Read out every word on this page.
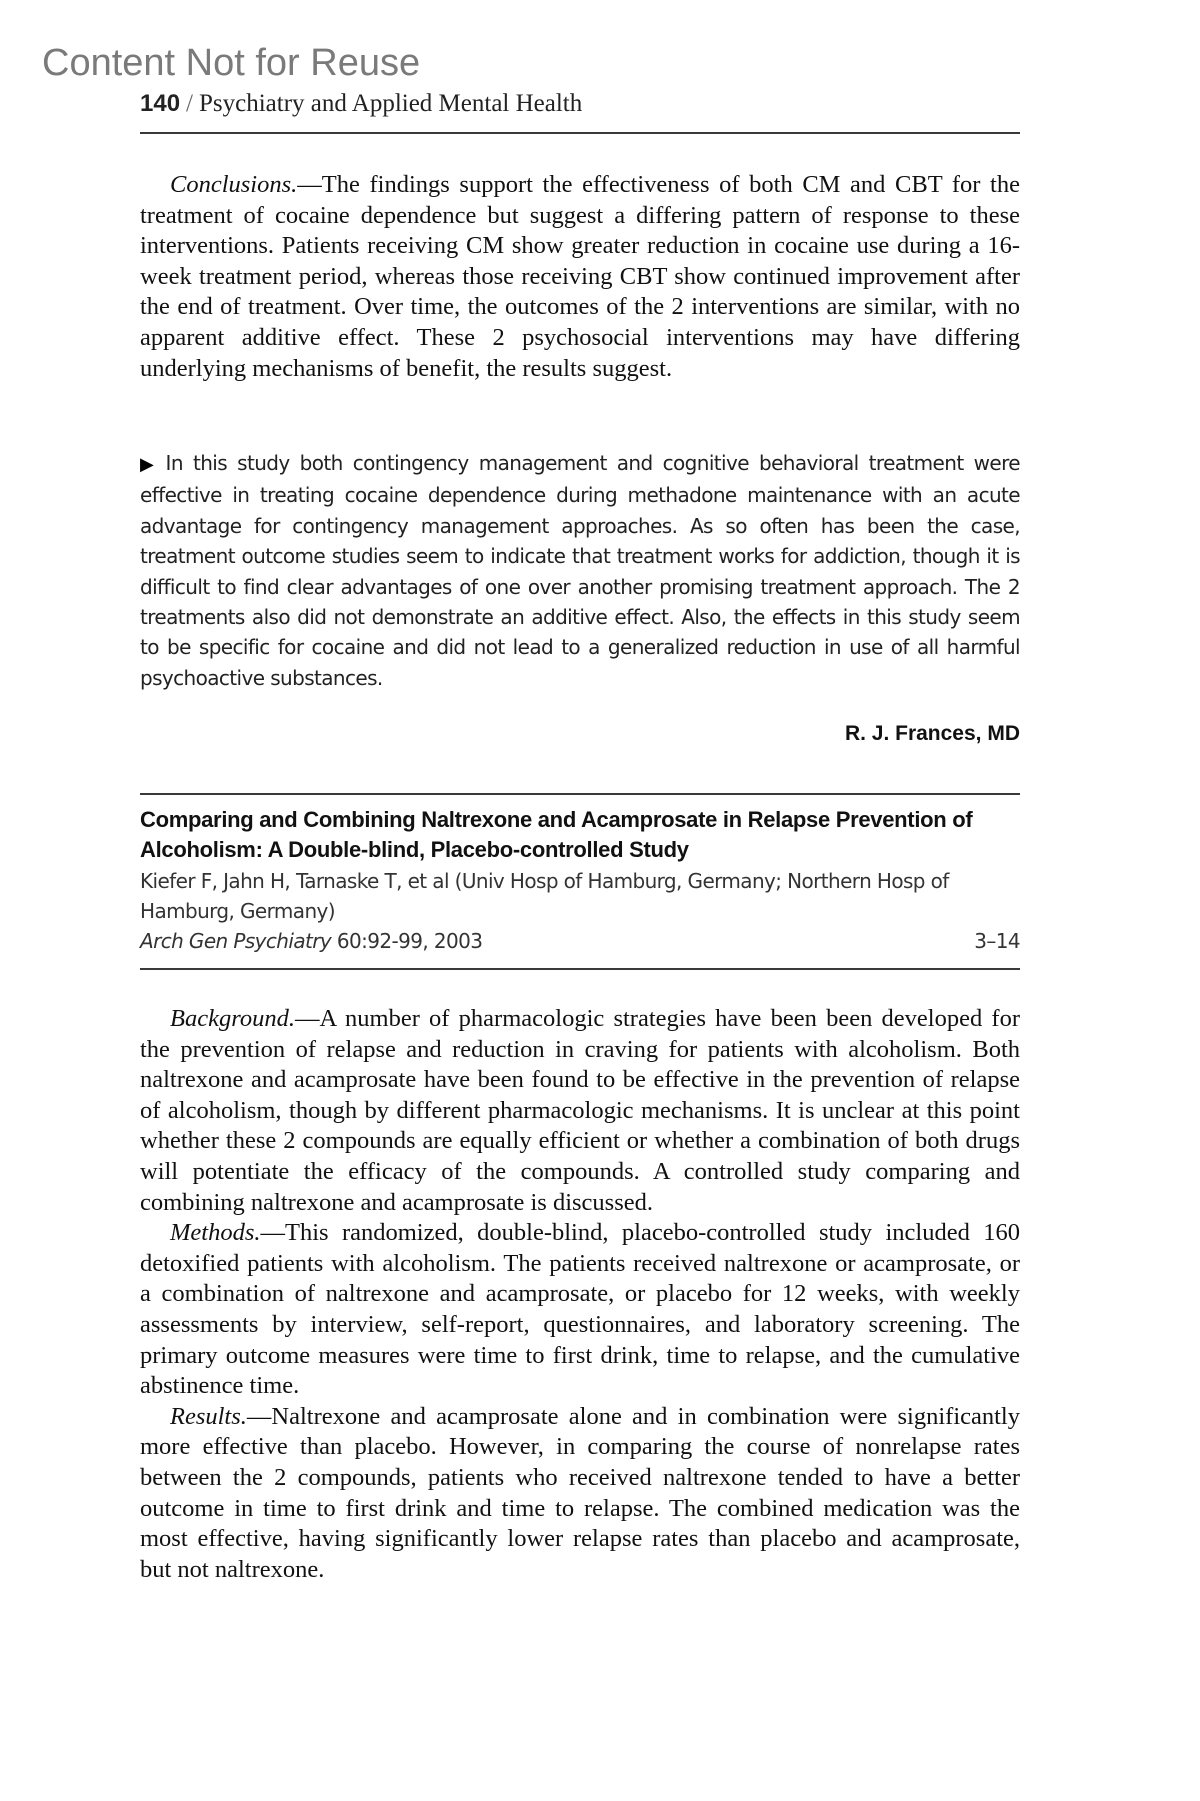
Content Not for Reuse
140 / Psychiatry and Applied Mental Health

Conclusions.—The findings support the effectiveness of both CM and CBT for the treatment of cocaine dependence but suggest a differing pattern of response to these interventions. Patients receiving CM show greater reduction in cocaine use during a 16-week treatment period, whereas those receiving CBT show continued improvement after the end of treatment. Over time, the outcomes of the 2 interventions are similar, with no apparent additive effect. These 2 psychosocial interventions may have differing underlying mechanisms of benefit, the results suggest.

▶ In this study both contingency management and cognitive behavioral treatment were effective in treating cocaine dependence during methadone maintenance with an acute advantage for contingency management approaches. As so often has been the case, treatment outcome studies seem to indicate that treatment works for addiction, though it is difficult to find clear advantages of one over another promising treatment approach. The 2 treatments also did not demonstrate an additive effect. Also, the effects in this study seem to be specific for cocaine and did not lead to a generalized reduction in use of all harmful psychoactive substances.
R. J. Frances, MD
Comparing and Combining Naltrexone and Acamprosate in Relapse Prevention of Alcoholism: A Double-blind, Placebo-controlled Study
Kiefer F, Jahn H, Tarnaske T, et al (Univ Hosp of Hamburg, Germany; Northern Hosp of Hamburg, Germany)
Arch Gen Psychiatry 60:92-99, 2003	3–14

Background.—A number of pharmacologic strategies have been been developed for the prevention of relapse and reduction in craving for patients with alcoholism. Both naltrexone and acamprosate have been found to be effective in the prevention of relapse of alcoholism, though by different pharmacologic mechanisms. It is unclear at this point whether these 2 compounds are equally efficient or whether a combination of both drugs will potentiate the efficacy of the compounds. A controlled study comparing and combining naltrexone and acamprosate is discussed.

Methods.—This randomized, double-blind, placebo-controlled study included 160 detoxified patients with alcoholism. The patients received naltrexone or acamprosate, or a combination of naltrexone and acamprosate, or placebo for 12 weeks, with weekly assessments by interview, self-report, questionnaires, and laboratory screening. The primary outcome measures were time to first drink, time to relapse, and the cumulative abstinence time.

Results.—Naltrexone and acamprosate alone and in combination were significantly more effective than placebo. However, in comparing the course of nonrelapse rates between the 2 compounds, patients who received naltrexone tended to have a better outcome in time to first drink and time to relapse. The combined medication was the most effective, having significantly lower relapse rates than placebo and acamprosate, but not naltrexone.
